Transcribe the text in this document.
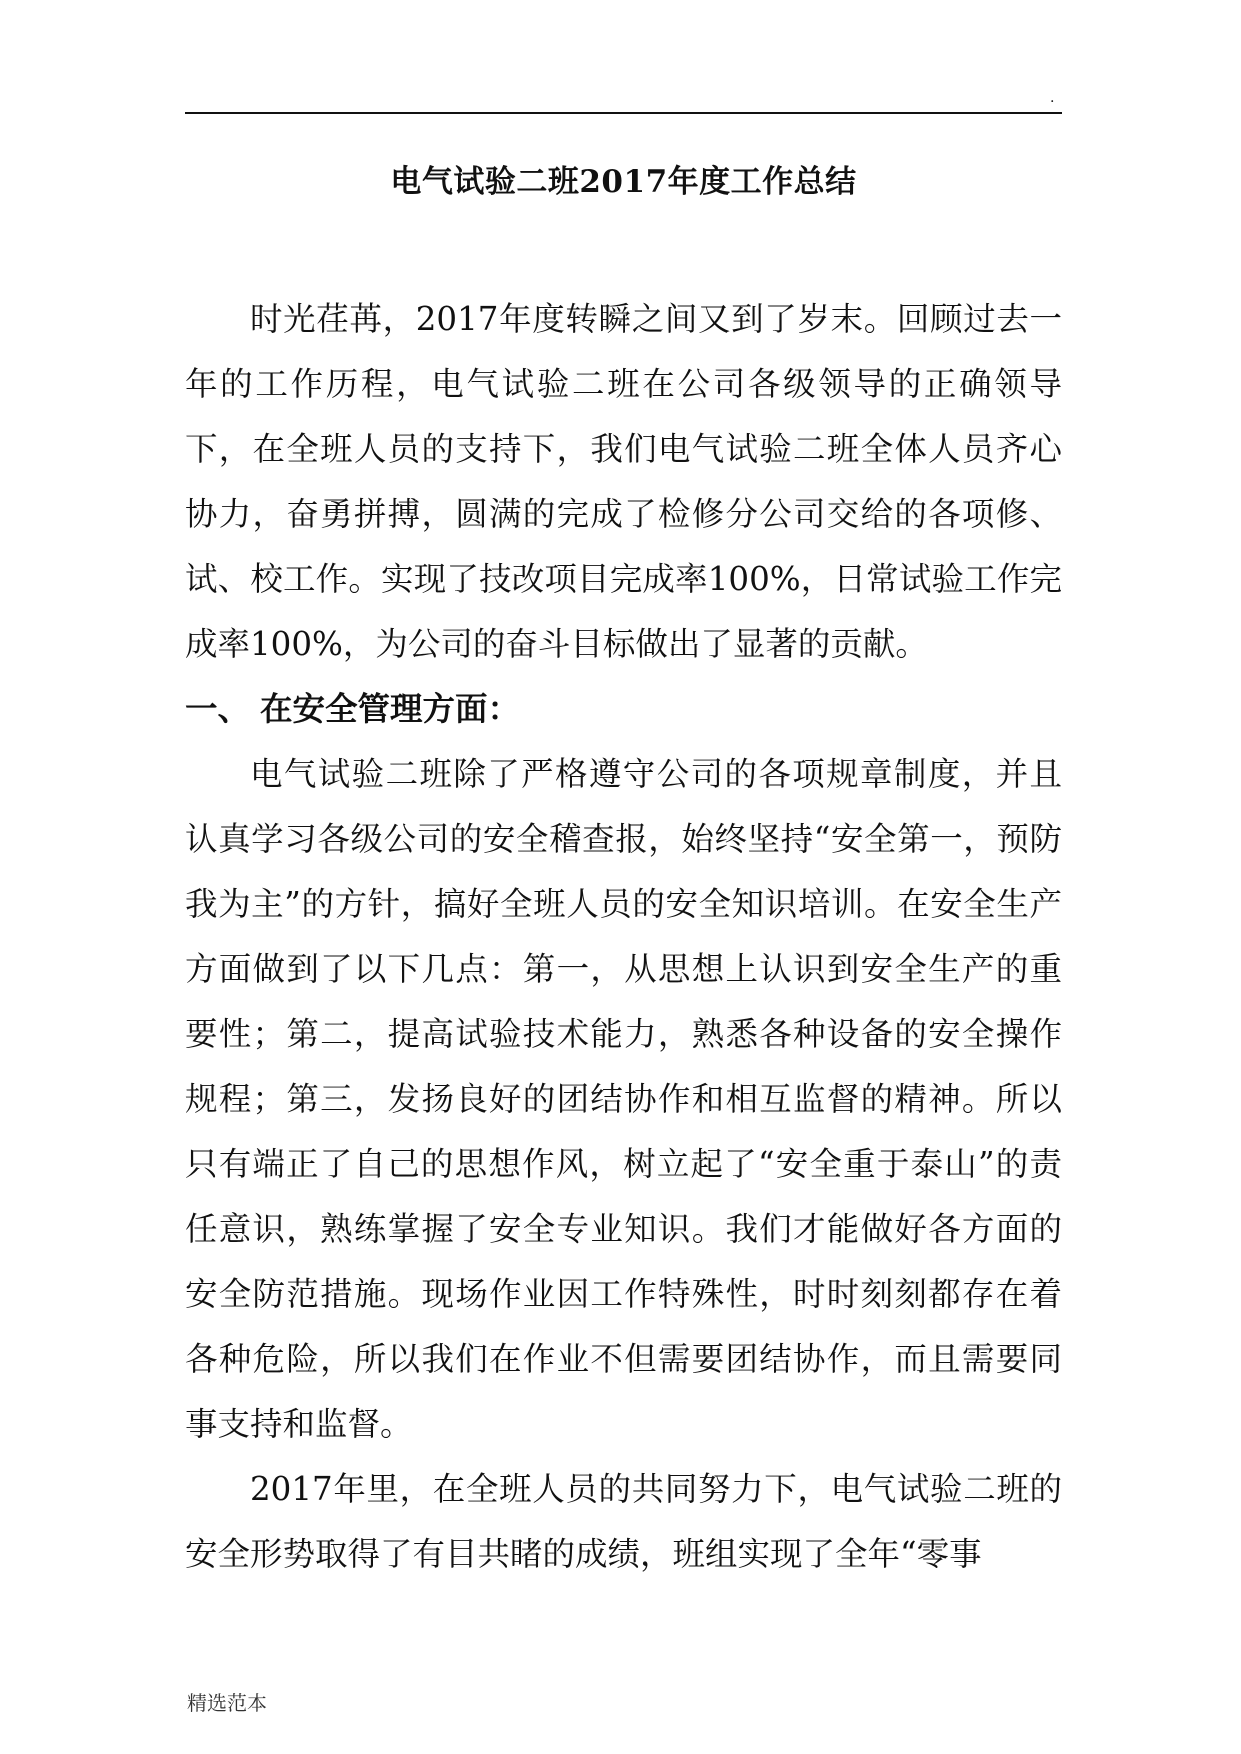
.
电气试验二班2017年度工作总结

时光荏苒，2017年度转瞬之间又到了岁末。回顾过去一年的工作历程，电气试验二班在公司各级领导的正确领导下，在全班人员的支持下，我们电气试验二班全体人员齐心协力，奋勇拼搏，圆满的完成了检修分公司交给的各项修、试、校工作。实现了技改项目完成率100%，日常试验工作完成率100%，为公司的奋斗目标做出了显著的贡献。

一、 在安全管理方面：

电气试验二班除了严格遵守公司的各项规章制度，并且认真学习各级公司的安全稽查报，始终坚持“安全第一，预防我为主”的方针，搞好全班人员的安全知识培训。在安全生产方面做到了以下几点：第一，从思想上认识到安全生产的重要性；第二，提高试验技术能力，熟悉各种设备的安全操作规程；第三，发扬良好的团结协作和相互监督的精神。所以只有端正了自己的思想作风，树立起了“安全重于泰山”的责任意识，熟练掌握了安全专业知识。我们才能做好各方面的安全防范措施。现场作业因工作特殊性，时时刻刻都存在着各种危险，所以我们在作业不但需要团结协作，而且需要同事支持和监督。

2017年里，在全班人员的共同努力下，电气试验二班的安全形势取得了有目共睹的成绩，班组实现了全年“零事

精选范本
